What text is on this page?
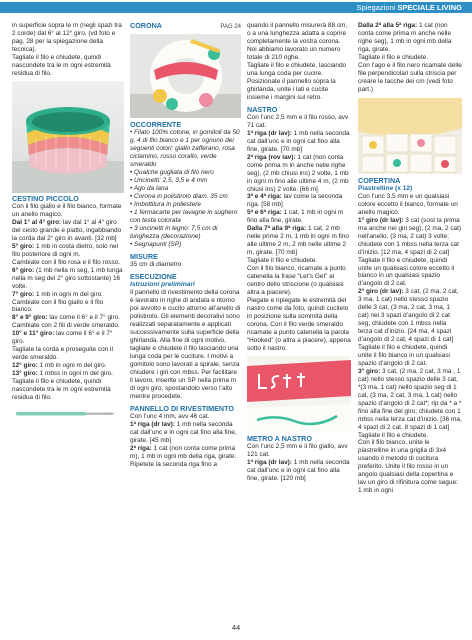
Spiegazioni SPECIALE LIVING

in superficie sopra le m (negli spazi tra 2 corde) dal 6° al 12° giro, (vd foto e pag. 28 per la spiegazione della tecnica).

Tagliate il filo e chiudete, quindi nascondete tra le m ogni estremità residua di filo.

CESTINO PICCOLO

Con il filo giallo e il filo bianco, formate un anello magico.

Dal 1° al 4° giro: lav dal 1° al 4° giro del cesto grande e piatto, ingabbiando la corda dal 2° giro in avanti. [32 mb]

5° giro: 1 mb in costa dietro, solo nel filo posteriore di ogni m.

Cambiate con il filo rosa e il filo rosso.

6° giro: (1 mb nella m seg, 1 mb lunga nella m seg del 2° giro sottostante) 16 volte.

7° giro: 1 mb in ogni m del giro.

Cambiate con il filo giallo e il filo bianco.

8° e 9° giro: lav come il 6° e il 7° giro.

Cambiate con 2 fili di verde smeraldo.

10° e 11° giro: lav come il 6° e il 7° giro.

Tagliate la corda e proseguite con il verde smeraldo.

12° giro: 1 mb in ogni m del giro.

13° giro: 1 mbss in ogni m del giro.

Tagliate il filo e chiudete, quindi nascondete tra le m ogni estremità residua di filo.

CORONA	PAG 24
OCCORRENTE

• Filato 100% cotone, in gomitoli da 50 g, 4 di filo bianco e 1 per ognuno dei seguenti colori: giallo zafferano, rosa ciclamino, rosso corallo, verde smeraldo

• Qualche gugliata di filo nero

• Uncinetti: 2,5, 3,5 e 4 mm

• Ago da lana

• Corona in polistirolo diam. 35 cm

• Imbottitura in poliestere

• 1 fermacarte per lavagne in sughero con testa colorata

• 3 uncinetti in legno: 7,5 cm di lunghezza (decorazione)

• Segnapunti (SP)

MISURE

35 cm di diametro

ESECUZIONE
Istruzioni preliminari

Il pannello di rivestimento della corona è lavorato in righe di andata e ritorno poi avvolto e cucito attorno all’anello di polistirolo. Gli elementi decorativi sono realizzati separatamente e applicati successivamente sulla superficie della ghirlanda. Alla fine di ogni motivo, tagliate e chiudete il filo lasciando una lunga coda per le cuciture. I motivi a gomitolo sono lavorati a spirale, senza chiudere i giri con mbss. Per facilitare il lavoro, inserite un SP nella prima m di ogni giro, spostandolo verso l’alto mentre procedete.

PANNELLO DI RIVESTIMENTO

Con l’unc 4 mm, avv 46 cat.

1ª riga (dr lav): 1 mb nella seconda cat dall’unc e in ogni cat fino alla fine, girate. [45 mb]

2ª riga: 1 cat (non conta come prima m), 1 mb in ogni mb della riga, girate.

Ripetete la seconda riga fino a

quando il pannello misurerà 88 cm, o a una lunghezza adatta a coprire completamente la vostra corona. Noi abbiamo lavorato un numero totale di 210 righe.

Tagliate il filo e chiudete, lasciando una lunga coda per cucire.

Posizionate il pannello sopra la ghirlanda, unite i lati e cucite insieme i margini sul retro.

NASTRO

Con l’unc 2,5 mm e il filo rosso, avv 71 cat.

1ª riga (dr lav): 1 mb nella seconda cat dall’unc e in ogni cat fino alla fine, girate. [70 mb]

2ª riga (rov lav): 1 cat (non conta come prima m in anche nelle righe seg), (2 mb chiusi ins) 2 volte, 1 mb in ogni m fino alle ultime 4 m, (2 mb chiusi ins) 2 volte. [66 m]

3ª e 4ª riga: lav come la seconda riga. [58 mb]

5ª e 6ª riga: 1 cat, 1 mb in ogni m fino alla fine, girate.

Dalla 7ª alla 9ª riga: 1 cat, 2 mb nelle prime 2 m, 1 mb in ogni m fino alle ultime 2 m, 2 mb nelle ultime 2 m, girate. [70 mb]

Tagliate il filo e chiudete.

Con il filo bianco, ricamate a punto catenella la frase “Let’s Get” al centro dello striscione (o qualsiasi altra a piacere).

Piegate e ripiegate le estremità del nastro come da foto, quindi cucitelo in posizione sulla sommità della corona. Con il filo verde smeraldo ricamate a punto catenella la parola “Hooked” (o altra a piacere), appena sotto il nastro.

METRO A NASTRO

Con l’unc 2,5 mm e il filo giallo, avv 121 cat.

1ª riga (dr lav): 1 mb nella seconda cat dall’unc e in ogni cat fino alla fine, girate. [120 mb]

Dalla 2ª alla 5ª riga: 1 cat (non conta come prima m anche nelle righe seg), 1 mb in ogni mb della riga, girate.

Tagliate il filo e chiudete.

Con l’ago e il filo nero ricamate delle file perpendicolari sulla striscia per creare le tacche dei cm (vedi foto part.)

COPERTINA
Piastrelline (x 12)

Con l’unc 3,5 mm e un qualsiasi colore eccetto il bianco, formate un anello magico.

1° giro (dr lav): 3 cat (sost la prima ma anche nei giri seg), (2 ma, 2 cat) nell’anello, (3 ma, 2 cat) 3 volte; chiudete con 1 mbss nella terza cat d’inizio. [12 ma, 4 spazi di 2 cat]

Tagliate il filo e chiudete, quindi unite un qualsiasi colore eccetto il bianco in un qualsiasi spazio d’angolo di 2 cat.

2° giro (dr lav): 3 cat, (2 ma, 2 cat, 3 ma, 1 cat) nello stesso spazio delle 3 cat, (3 ma, 2 cat, 3 ma, 1 cat) nei 3 spazi d’angolo di 2 cat seg; chiudete con 1 mbss nella terza cat d’inizio. [24 ma, 4 spazi d’angolo di 2 cat, 4 spazi di 1 cat]

Tagliate il filo e chiudete, quindi unite il filo bianco in un qualsiasi spazio d’angolo di 2 cat.

3° giro: 3 cat, (2 ma, 2 cat, 3 ma , 1 cat) nello stesso spazio delle 3 cat, *(3 ma, 1 cat) nello spazio seg di 1 cat, (3 ma, 2 cat, 3 ma, 1 cat) nello spazio d’angolo di 2 cat*; rip da * a * fino alla fine del giro; chiudete con 1 mbss nella terza cat d’inizio. [36 ma, 4 spazi di 2 cat, 8 spazi di 1 cat]

Tagliate il filo e chiudete.

Con il filo bianco, unite le piastrelline in una griglia di 3x4 usando il metodo di cucitura preferito. Unite il filo rosso in un angolo qualsiasi della copertina e lav un giro di rifinitura come segue: 1 mb in ogni

44
